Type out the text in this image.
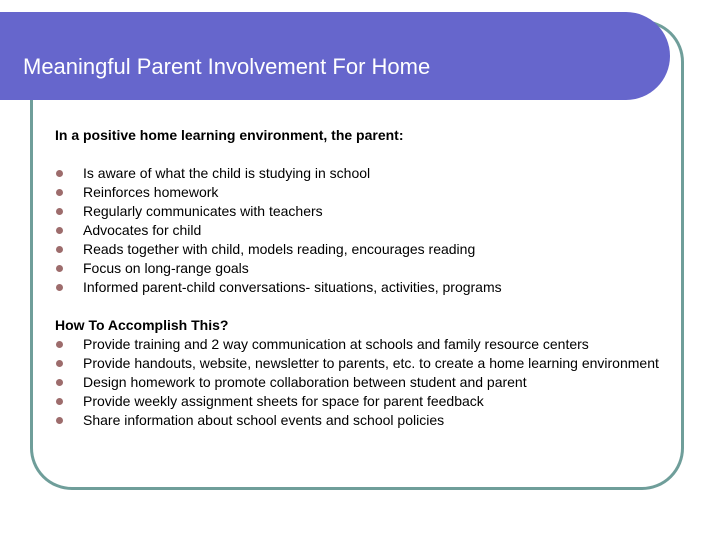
Meaningful Parent Involvement For Home

In a positive home learning environment, the parent:

Is aware of what the child is studying in school
Reinforces homework
Regularly communicates with teachers
Advocates for child
Reads together with child, models reading, encourages reading
Focus on long-range goals
Informed parent-child conversations- situations, activities, programs

How To Accomplish This?

Provide training and 2 way communication at schools and family resource centers
Provide handouts, website, newsletter to parents, etc. to create a home learning environment
Design homework to promote collaboration between student and parent
Provide weekly assignment sheets for space for parent feedback
Share information about school events and school policies
